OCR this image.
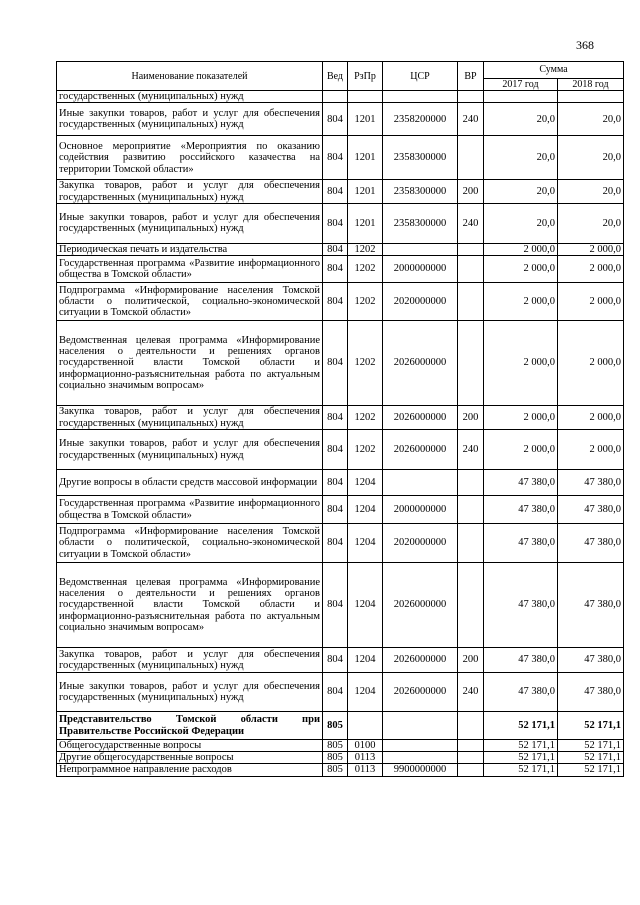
368
Наименование показателей	Вед	РзПр	ЦСР	ВР	Сумма	
					2017 год	2018 год
государственных (муниципальных) нужд						
Иные закупки товаров, работ и услуг для обеспечения государственных (муниципальных) нужд	804	1201	2358200000	240	20,0	20,0
Основное мероприятие «Мероприятия по оказанию содействия развитию российского казачества на территории Томской области»	804	1201	2358300000		20,0	20,0
Закупка товаров, работ и услуг для обеспечения государственных (муниципальных) нужд	804	1201	2358300000	200	20,0	20,0
Иные закупки товаров, работ и услуг для обеспечения государственных (муниципальных) нужд	804	1201	2358300000	240	20,0	20,0
Периодическая печать и издательства	804	1202			2 000,0	2 000,0
Государственная программа «Развитие информационного общества в Томской области»	804	1202	2000000000		2 000,0	2 000,0
Подпрограмма «Информирование населения Томской области о политической, социально-экономической ситуации в Томской области»	804	1202	2020000000		2 000,0	2 000,0
Ведомственная целевая программа «Информирование населения о деятельности и решениях органов государственной власти Томской области и информационно-разъяснительная работа по актуальным социально значимым вопросам»	804	1202	2026000000		2 000,0	2 000,0
Закупка товаров, работ и услуг для обеспечения государственных (муниципальных) нужд	804	1202	2026000000	200	2 000,0	2 000,0
Иные закупки товаров, работ и услуг для обеспечения государственных (муниципальных) нужд	804	1202	2026000000	240	2 000,0	2 000,0
Другие вопросы в области средств массовой информации	804	1204			47 380,0	47 380,0
Государственная программа «Развитие информационного общества в Томской области»	804	1204	2000000000		47 380,0	47 380,0
Подпрограмма «Информирование населения Томской области о политической, социально-экономической ситуации в Томской области»	804	1204	2020000000		47 380,0	47 380,0
Ведомственная целевая программа «Информирование населения о деятельности и решениях органов государственной власти Томской области и информационно-разъяснительная работа по актуальным социально значимым вопросам»	804	1204	2026000000		47 380,0	47 380,0
Закупка товаров, работ и услуг для обеспечения государственных (муниципальных) нужд	804	1204	2026000000	200	47 380,0	47 380,0
Иные закупки товаров, работ и услуг для обеспечения государственных (муниципальных) нужд	804	1204	2026000000	240	47 380,0	47 380,0
Представительство Томской области при Правительстве Российской Федерации	805				52 171,1	52 171,1
Общегосударственные вопросы	805	0100			52 171,1	52 171,1
Другие общегосударственные вопросы	805	0113			52 171,1	52 171,1
Непрограммное направление расходов	805	0113	9900000000		52 171,1	52 171,1
